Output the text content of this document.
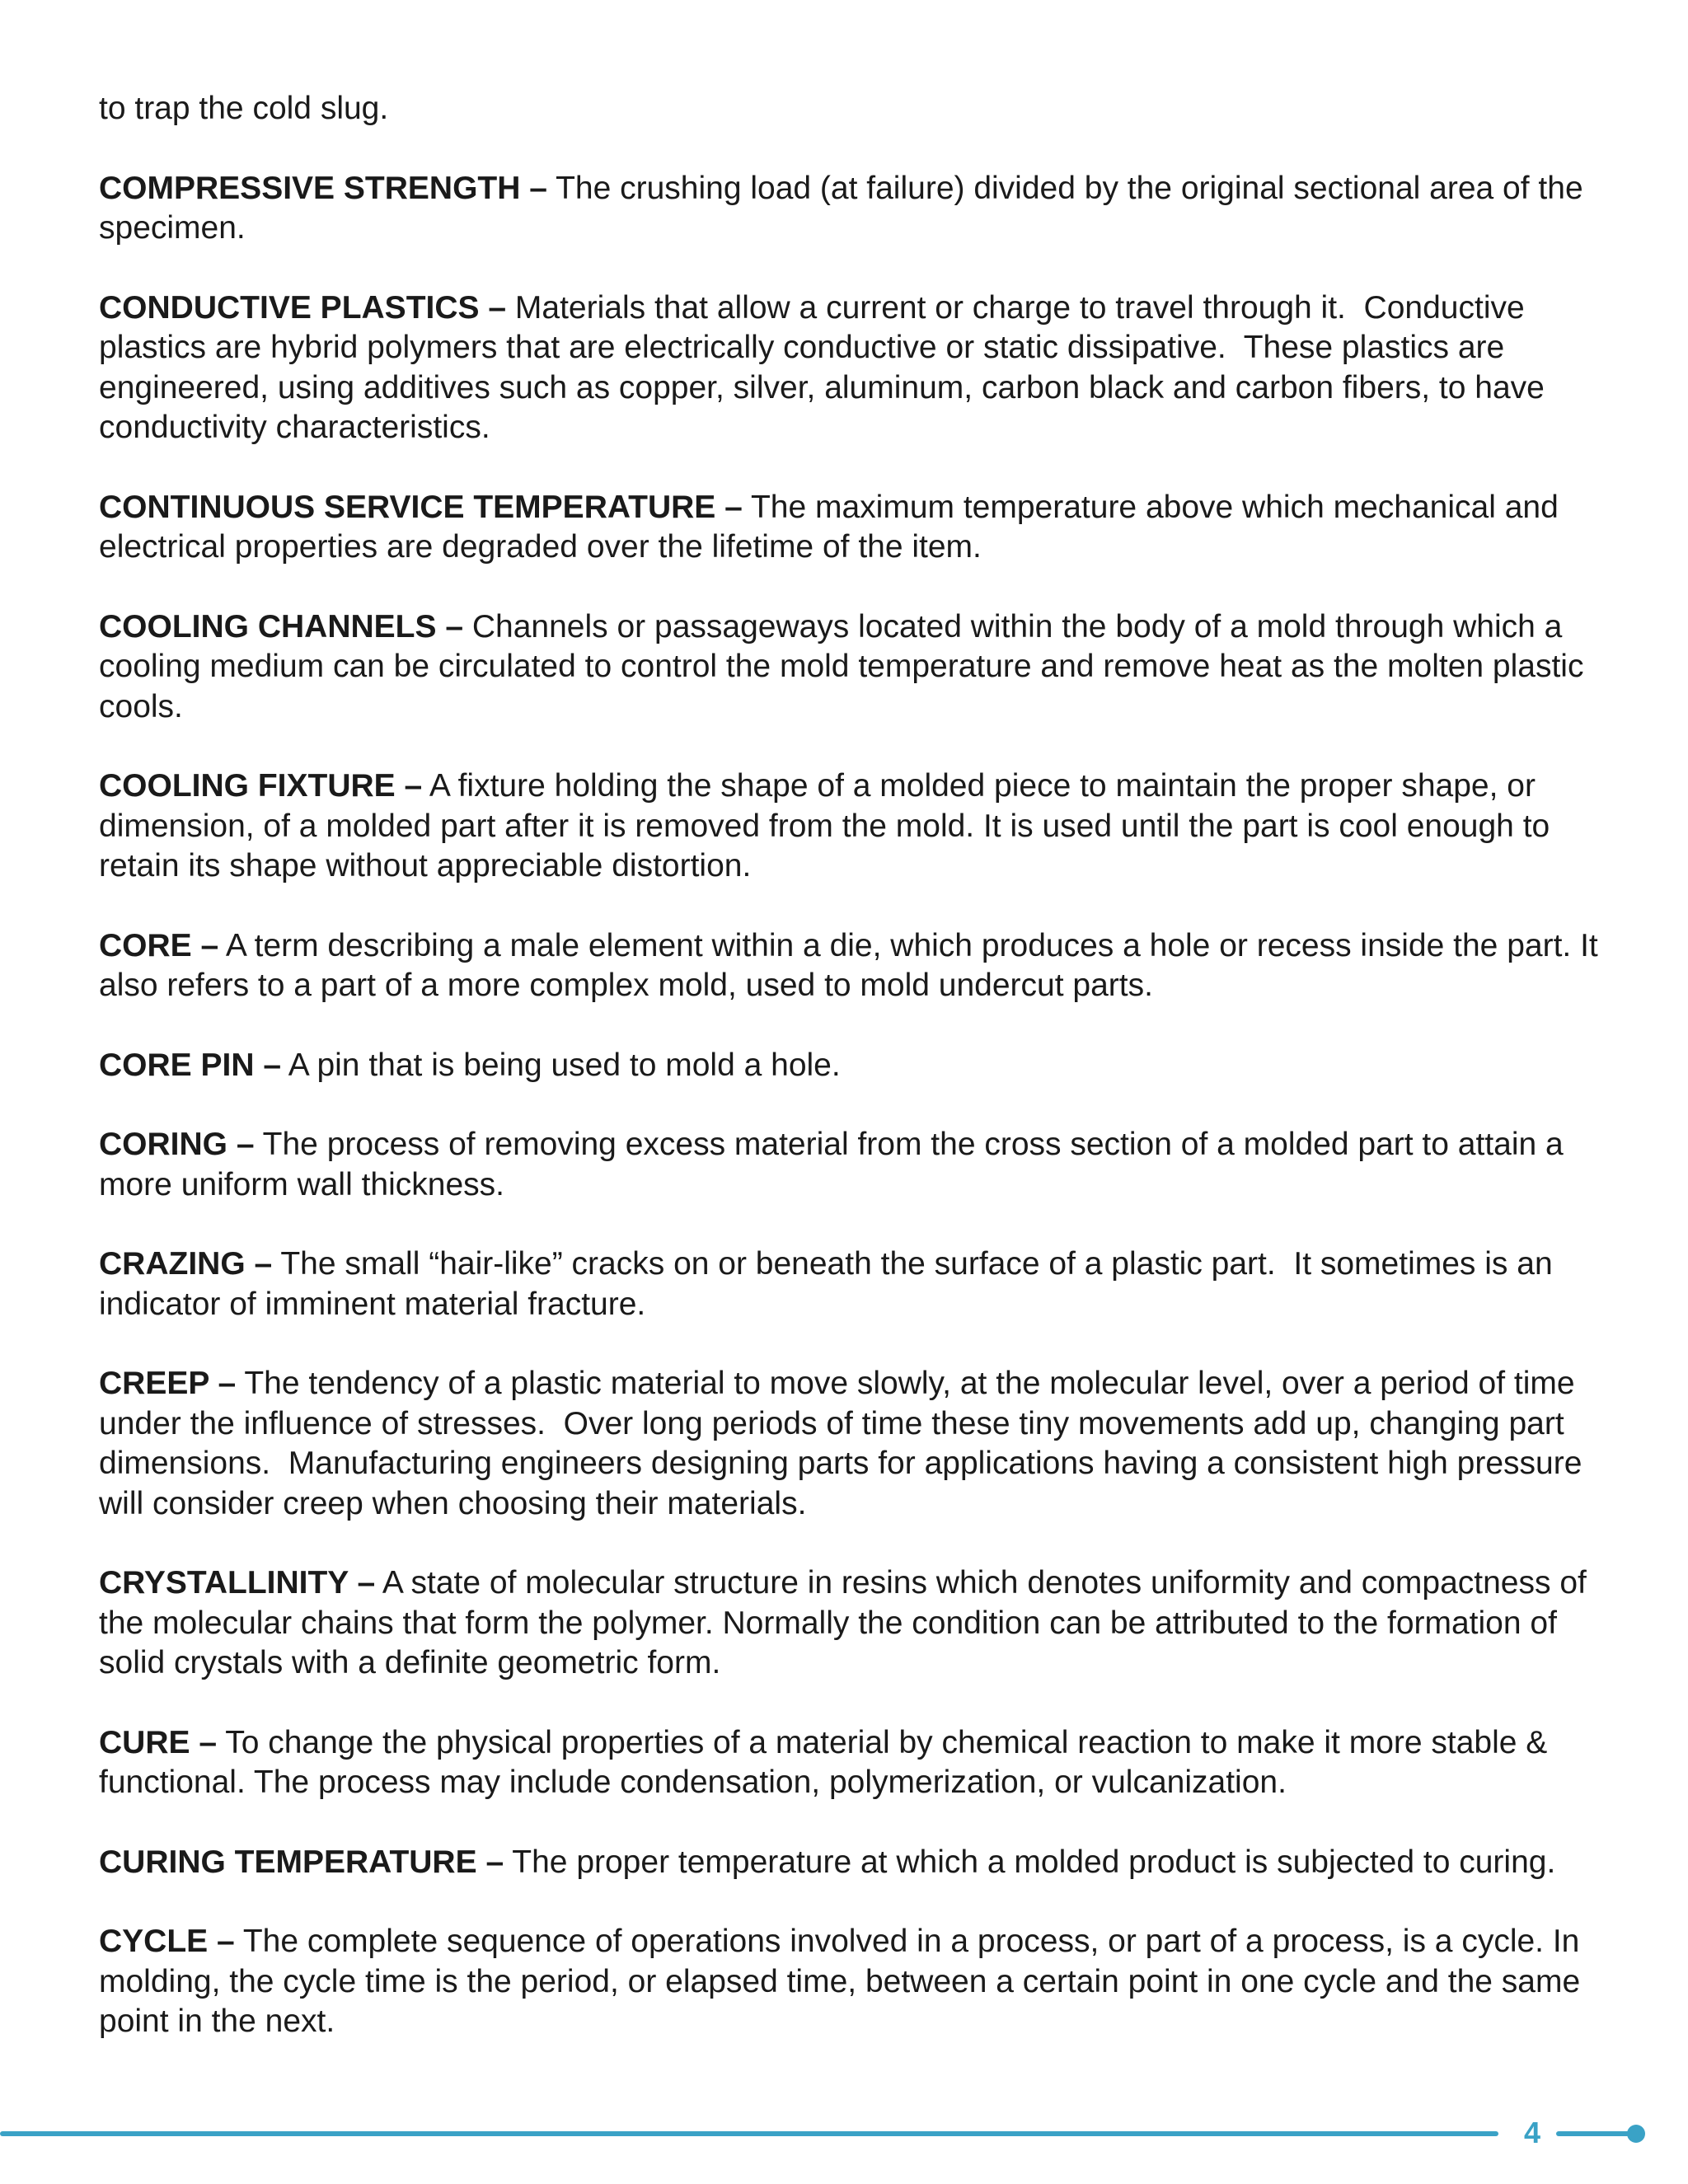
to trap the cold slug.

COMPRESSIVE STRENGTH – The crushing load (at failure) divided by the original sectional area of the specimen.

CONDUCTIVE PLASTICS – Materials that allow a current or charge to travel through it.  Conductive plastics are hybrid polymers that are electrically conductive or static dissipative.  These plastics are engineered, using additives such as copper, silver, aluminum, carbon black and carbon fibers, to have conductivity characteristics.

CONTINUOUS SERVICE TEMPERATURE – The maximum temperature above which mechanical and electrical properties are degraded over the lifetime of the item.

COOLING CHANNELS – Channels or passageways located within the body of a mold through which a cooling medium can be circulated to control the mold temperature and remove heat as the molten plastic cools.

COOLING FIXTURE – A fixture holding the shape of a molded piece to maintain the proper shape, or dimension, of a molded part after it is removed from the mold. It is used until the part is cool enough to retain its shape without appreciable distortion.

CORE – A term describing a male element within a die, which produces a hole or recess inside the part. It also refers to a part of a more complex mold, used to mold undercut parts.

CORE PIN – A pin that is being used to mold a hole.

CORING – The process of removing excess material from the cross section of a molded part to attain a more uniform wall thickness.

CRAZING – The small “hair-like” cracks on or beneath the surface of a plastic part.  It sometimes is an indicator of imminent material fracture.

CREEP – The tendency of a plastic material to move slowly, at the molecular level, over a period of time under the influence of stresses.  Over long periods of time these tiny movements add up, changing part dimensions.  Manufacturing engineers designing parts for applications having a consistent high pressure will consider creep when choosing their materials.

CRYSTALLINITY – A state of molecular structure in resins which denotes uniformity and compactness of the molecular chains that form the polymer. Normally the condition can be attributed to the formation of solid crystals with a definite geometric form.

CURE – To change the physical properties of a material by chemical reaction to make it more stable & functional. The process may include condensation, polymerization, or vulcanization.

CURING TEMPERATURE – The proper temperature at which a molded product is subjected to curing.

CYCLE – The complete sequence of operations involved in a process, or part of a process, is a cycle. In molding, the cycle time is the period, or elapsed time, between a certain point in one cycle and the same point in the next.

4
